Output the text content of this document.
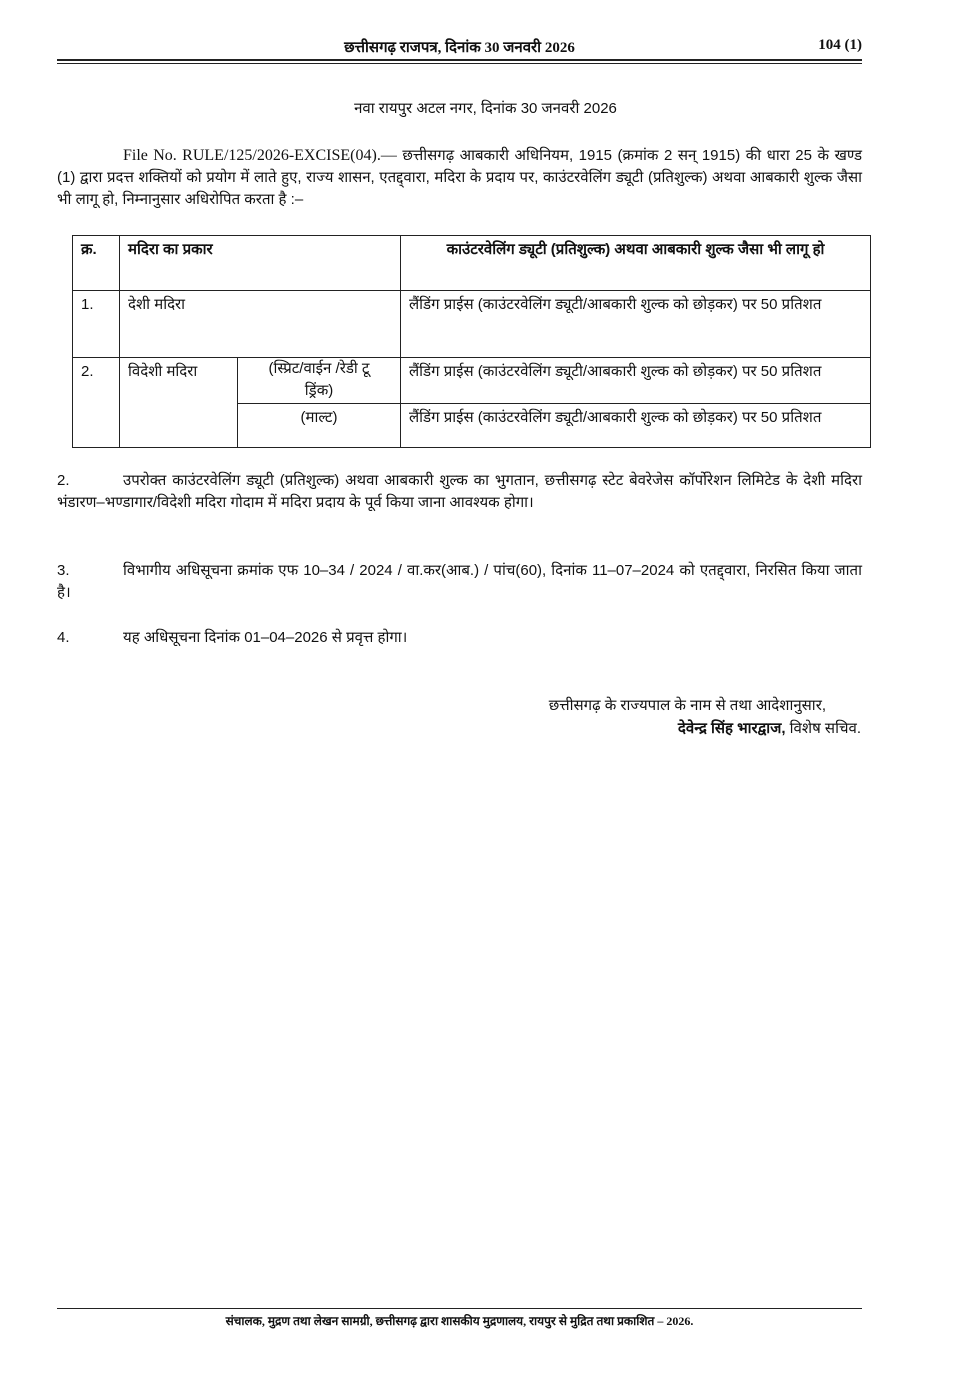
छत्तीसगढ़ राजपत्र, दिनांक 30 जनवरी 2026	104 (1)
नवा रायपुर अटल नगर, दिनांक 30 जनवरी 2026
File No. RULE/125/2026-EXCISE(04).— छत्तीसगढ़ आबकारी अधिनियम, 1915 (क्रमांक 2 सन् 1915) की धारा 25 के खण्ड (1) द्वारा प्रदत्त शक्तियों को प्रयोग में लाते हुए, राज्य शासन, एतद्द्वारा, मदिरा के प्रदाय पर, काउंटरवेलिंग ड्यूटी (प्रतिशुल्क) अथवा आबकारी शुल्क जैसा भी लागू हो, निम्नानुसार अधिरोपित करता है :–
क्र.	मदिरा का प्रकार		काउंटरवेलिंग ड्यूटी (प्रतिशुल्क) अथवा आबकारी शुल्क जैसा भी लागू हो
1.	देशी मदिरा		लैंडिंग प्राईस (काउंटरवेलिंग ड्यूटी/आबकारी शुल्क को छोड़कर) पर 50 प्रतिशत
2.	विदेशी मदिरा	(स्प्रिट/वाईन /रेडी टू ड्रिंक)	लैंडिंग प्राईस (काउंटरवेलिंग ड्यूटी/आबकारी शुल्क को छोड़कर) पर 50 प्रतिशत
		(माल्ट)	लैंडिंग प्राईस (काउंटरवेलिंग ड्यूटी/आबकारी शुल्क को छोड़कर) पर 50 प्रतिशत
2.	उपरोक्त काउंटरवेलिंग ड्यूटी (प्रतिशुल्क) अथवा आबकारी शुल्क का भुगतान, छत्तीसगढ़ स्टेट बेवरेजेस कॉर्पोरेशन लिमिटेड के देशी मदिरा भंडारण–भण्डागार/विदेशी मदिरा गोदाम में मदिरा प्रदाय के पूर्व किया जाना आवश्यक होगा।
3.	विभागीय अधिसूचना क्रमांक एफ 10–34 / 2024 / वा.कर(आब.) / पांच(60), दिनांक 11–07–2024 को एतद्द्वारा, निरसित किया जाता है।
4.	यह अधिसूचना दिनांक 01–04–2026 से प्रवृत्त होगा।
छत्तीसगढ़ के राज्यपाल के नाम से तथा आदेशानुसार,
देवेन्द्र सिंह भारद्वाज, विशेष सचिव.
संचालक, मुद्रण तथा लेखन सामग्री, छत्तीसगढ़ द्वारा शासकीय मुद्रणालय, रायपुर से मुद्रित तथा प्रकाशित – 2026.
